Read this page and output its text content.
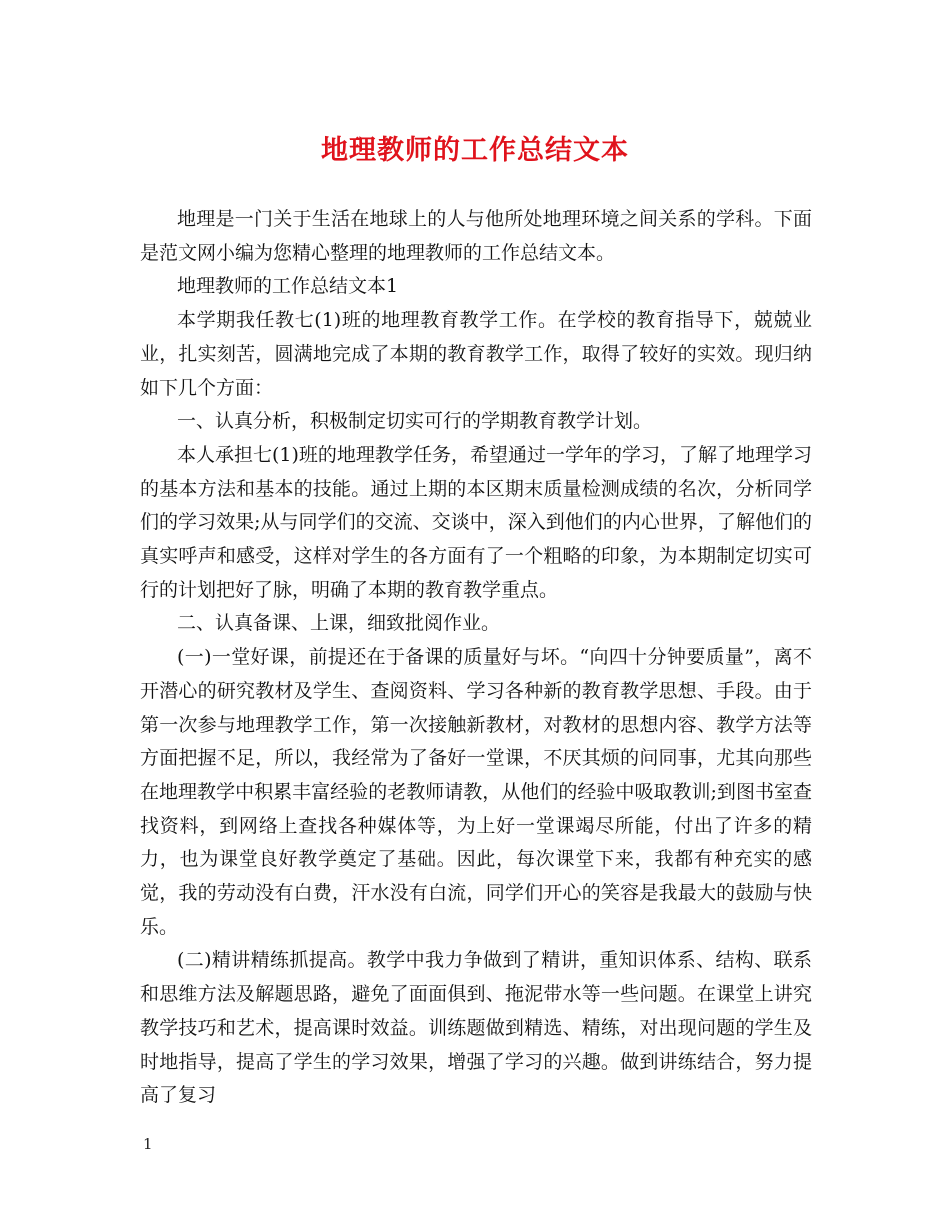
地理教师的工作总结文本

地理是一门关于生活在地球上的人与他所处地理环境之间关系的学科。下面是范文网小编为您精心整理的地理教师的工作总结文本。

地理教师的工作总结文本1

本学期我任教七(1)班的地理教育教学工作。在学校的教育指导下，兢兢业业，扎实刻苦，圆满地完成了本期的教育教学工作，取得了较好的实效。现归纳如下几个方面：

一、认真分析，积极制定切实可行的学期教育教学计划。

本人承担七(1)班的地理教学任务，希望通过一学年的学习，了解了地理学习的基本方法和基本的技能。通过上期的本区期末质量检测成绩的名次，分析同学们的学习效果;从与同学们的交流、交谈中，深入到他们的内心世界，了解他们的真实呼声和感受，这样对学生的各方面有了一个粗略的印象，为本期制定切实可行的计划把好了脉，明确了本期的教育教学重点。

二、认真备课、上课，细致批阅作业。

(一)一堂好课，前提还在于备课的质量好与坏。“向四十分钟要质量”，离不开潜心的研究教材及学生、查阅资料、学习各种新的教育教学思想、手段。由于第一次参与地理教学工作，第一次接触新教材，对教材的思想内容、教学方法等方面把握不足，所以，我经常为了备好一堂课，不厌其烦的问同事，尤其向那些在地理教学中积累丰富经验的老教师请教，从他们的经验中吸取教训;到图书室查找资料，到网络上查找各种媒体等，为上好一堂课竭尽所能，付出了许多的精力，也为课堂良好教学奠定了基础。因此，每次课堂下来，我都有种充实的感觉，我的劳动没有白费，汗水没有白流，同学们开心的笑容是我最大的鼓励与快乐。

(二)精讲精练抓提高。教学中我力争做到了精讲，重知识体系、结构、联系和思维方法及解题思路，避免了面面俱到、拖泥带水等一些问题。在课堂上讲究教学技巧和艺术，提高课时效益。训练题做到精选、精练，对出现问题的学生及时地指导，提高了学生的学习效果，增强了学习的兴趣。做到讲练结合，努力提高了复习

1
